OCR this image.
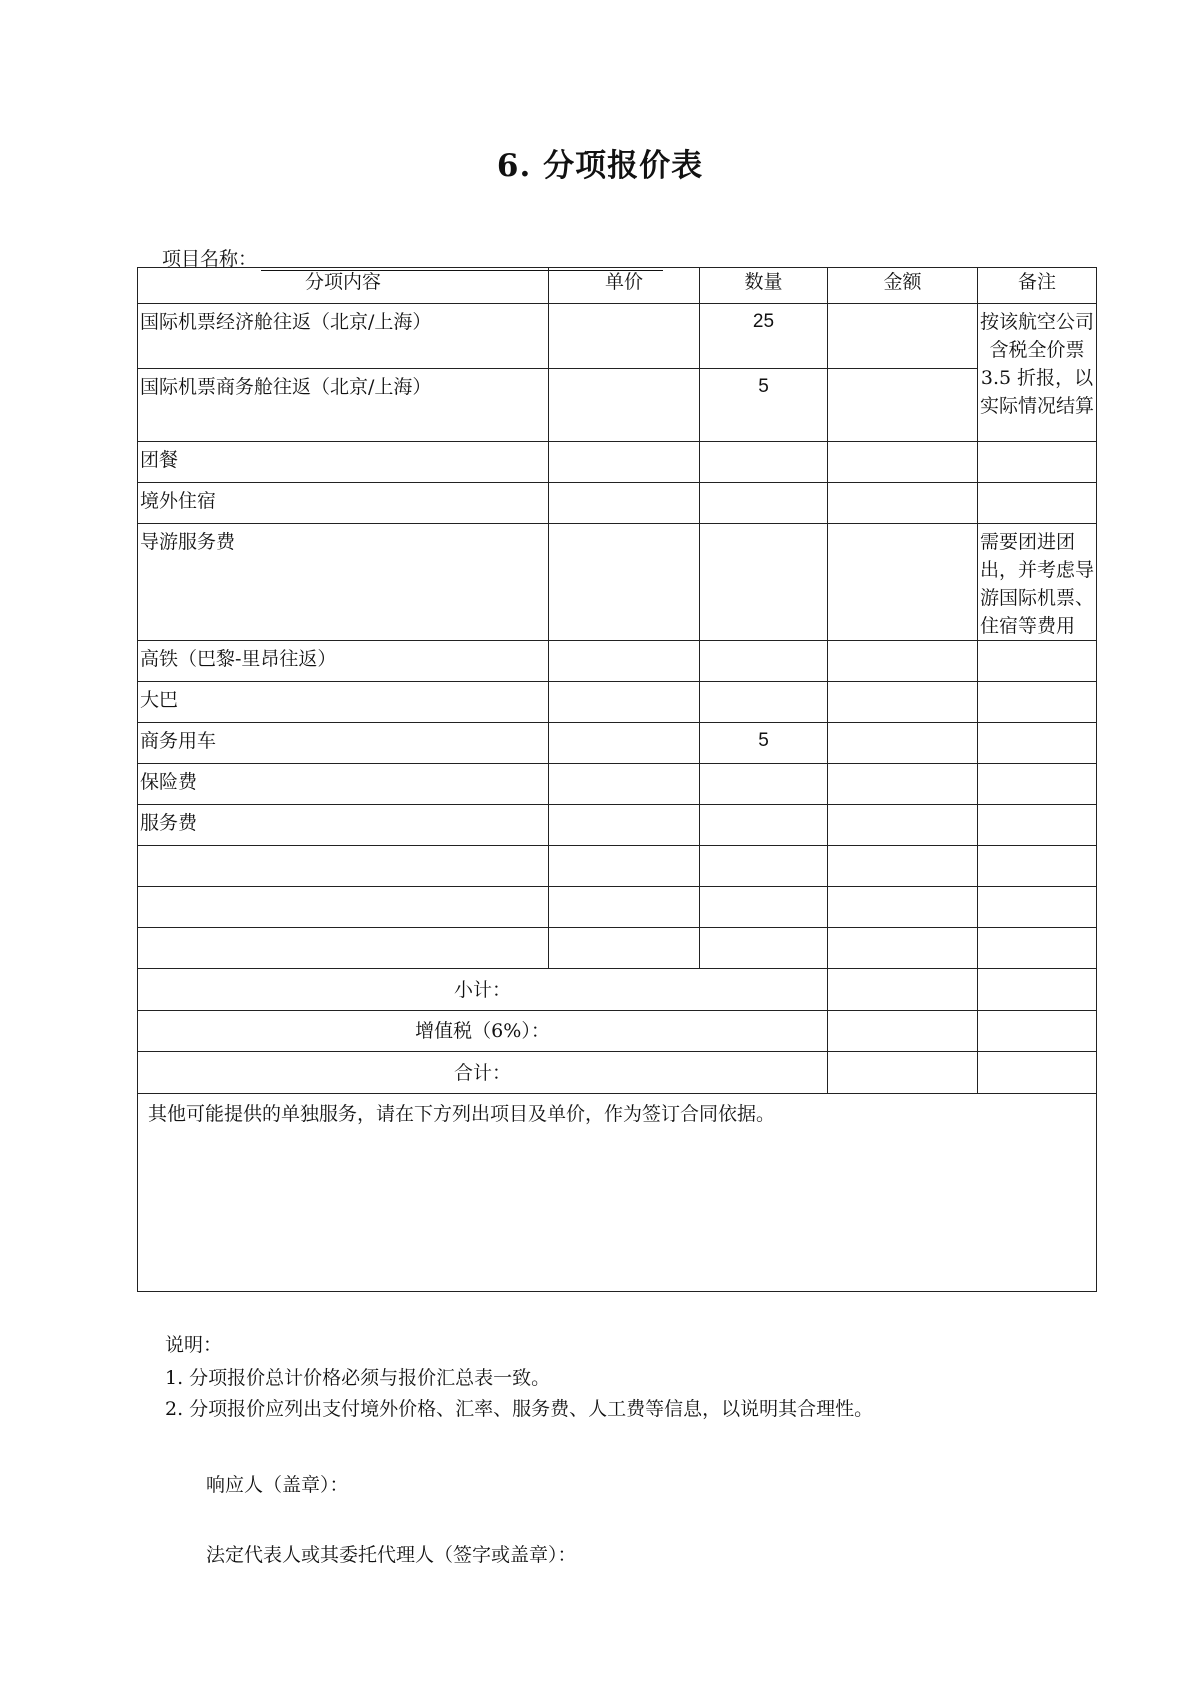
6. 分项报价表
项目名称：
分项内容	单价	数量	金额	备注
国际机票经济舱往返（北京/上海）		25		按该航空公司含税全价票 3.5 折报，以实际情况结算
国际机票商务舱往返（北京/上海）		5		
团餐				
境外住宿				
导游服务费				需要团进团出，并考虑导游国际机票、住宿等费用
高铁（巴黎-里昂往返）				
大巴				
商务用车		5		
保险费				
服务费				

小计：				
增值税（6%）：				
合计：				
其他可能提供的单独服务，请在下方列出项目及单价，作为签订合同依据。				
说明：
1. 分项报价总计价格必须与报价汇总表一致。
2. 分项报价应列出支付境外价格、汇率、服务费、人工费等信息，以说明其合理性。
响应人（盖章）：
法定代表人或其委托代理人（签字或盖章）：
